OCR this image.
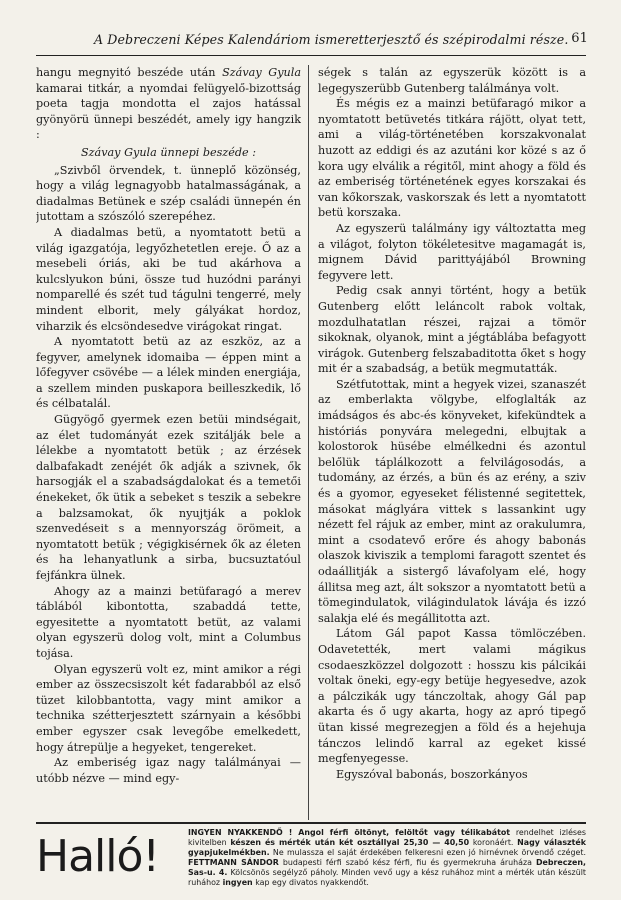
A Debreczeni Képes Kalendáriom ismeretterjesztő és szépirodalmi része. 61

hangu megnyitó beszéde után Szávay Gyula kamarai titkár, a nyomdai felügyelő-bizottság poeta tagja mondotta el zajos hatással gyönyörü ünnepi beszédét, amely igy hangzik :

Szávay Gyula ünnepi beszéde :

„Szivből örvendek, t. ünneplő közönség, hogy a világ legnagyobb hatalmasságának, a diadalmas Betünek e szép családi ünnepén én jutottam a szószóló szerepéhez.

A diadalmas betü, a nyomtatott betü a világ igazgatója, legyőzhetetlen ereje. Ő az a mesebeli óriás, aki be tud akárhova a kulcslyukon búni, össze tud huzódni parányi nomparellé és szét tud tágulni tengerré, mely mindent elborit, mely gályákat hordoz, viharzik és elcsöndesedve virágokat ringat.

A nyomtatott betü az az eszköz, az a fegyver, amelynek idomaiba — éppen mint a lőfegyver csövébe — a lélek minden energiája, a szellem minden puskapora beilleszkedik, lő és célbatalál.

Gügyögő gyermek ezen betüi mindségait, az élet tudományát ezek szitálják bele a lélekbe a nyomtatott betük ; az érzések dalbafakadt zenéjét ők adják a szivnek, ők harsogják el a szabadságdalokat és a temetői énekeket, ők ütik a sebeket s teszik a sebekre a balzsamokat, ők nyujtják a poklok szenvedéseit s a mennyország örömeit, a nyomtatott betük ; végigkisérnek ők az életen és ha lehanyatlunk a sirba, bucsuztatóul fejfánkra ülnek.

Ahogy az a mainzi betüfaragó a merev táblából kibontotta, szabaddá tette, egyesitette a nyomtatott betüt, az valami olyan egyszerü dolog volt, mint a Columbus tojása.

Olyan egyszerü volt ez, mint amikor a régi ember az összecsiszolt két fadarabból az első tüzet kilobbantotta, vagy mint amikor a technika szétterjesztett szárnyain a későbbi ember egyszer csak levegőbe emelkedett, hogy átrepülje a hegyeket, tengereket.

Az emberiség igaz nagy találmányai — utóbb nézve — mind egy-

ségek s talán az egyszerük között is a legegyszerübb Gutenberg találmánya volt.

És mégis ez a mainzi betüfaragó mikor a nyomtatott betüvetés titkára rájött, olyat tett, ami a világ-történetében korszakvonalat huzott az eddigi és az azutáni kor közé s az ő kora ugy elválik a régitől, mint ahogy a föld és az emberiség történetének egyes korszakai és van kőkorszak, vaskorszak és lett a nyomtatott betü korszaka.

Az egyszerü találmány igy változtatta meg a világot, folyton tökéletesitve magamagát is, mignem Dávid parittyájából Browning fegyvere lett.

Pedig csak annyi történt, hogy a betük Gutenberg előtt leláncolt rabok voltak, mozdulhatatlan részei, rajzai a tömör sikoknak, olyanok, mint a jégtáblába befagyott virágok. Gutenberg felszabaditotta őket s hogy mit ér a szabadság, a betük megmutatták.

Szétfutottak, mint a hegyek vizei, szanaszét az emberlakta völgybe, elfoglalták az imádságos és abc-és könyveket, kifekündtek a históriás ponyvára melegedni, elbujtak a kolostorok hüsébe elmélkedni és azontul belőlük táplálkozott a felvilágosodás, a tudomány, az érzés, a bün és az erény, a sziv és a gyomor, egyeseket félistenné segitettek, másokat máglyára vittek s lassankint ugy nézett fel rájuk az ember, mint az orakulumra, mint a csodatevő erőre és ahogy babonás olaszok kiviszik a templomi faragott szentet és odaállitják a sistergő lávafolyam elé, hogy állitsa meg azt, ált sokszor a nyomtatott betü a tömegindulatok, világindulatok lávája és izzó salakja elé és megállitotta azt.

Látom Gál papot Kassa tömlöczében. Odavetették, mert valami mágikus csodaeszközzel dolgozott : hosszu kis pálcikái voltak öneki, egy-egy betüje hegyesedve, azok a pálczikák ugy tánczoltak, ahogy Gál pap akarta és ő ugy akarta, hogy az apró tipegő ütan kissé megrezegjen a föld és a hejehuja tánczos lelindő karral az egeket kissé megfenyegesse.

Egyszóval babonás, boszorkányos

Halló!	INGYEN NYAKKENDŐ ! Angol férfi öltönyt, felöltőt vagy télikabátot rendelhet izléses kivitelben készen és mérték után két osztállyal 25,30 — 40,50 koronáért. Nagy választék gyapjukelmékben. Ne mulassza el saját érdekében felkeresni ezen jó hirnévnek örvendő czéget. FETTMANN SÁNDOR budapesti férfi szabó kész férfi, fiu és gyermekruha áruháza Debreczen, Sas-u. 4. Kölcsönös segélyző páholy. Minden vevő ugy a kész ruhához mint a mérték után készült ruhához ingyen kap egy divatos nyakkendőt.
